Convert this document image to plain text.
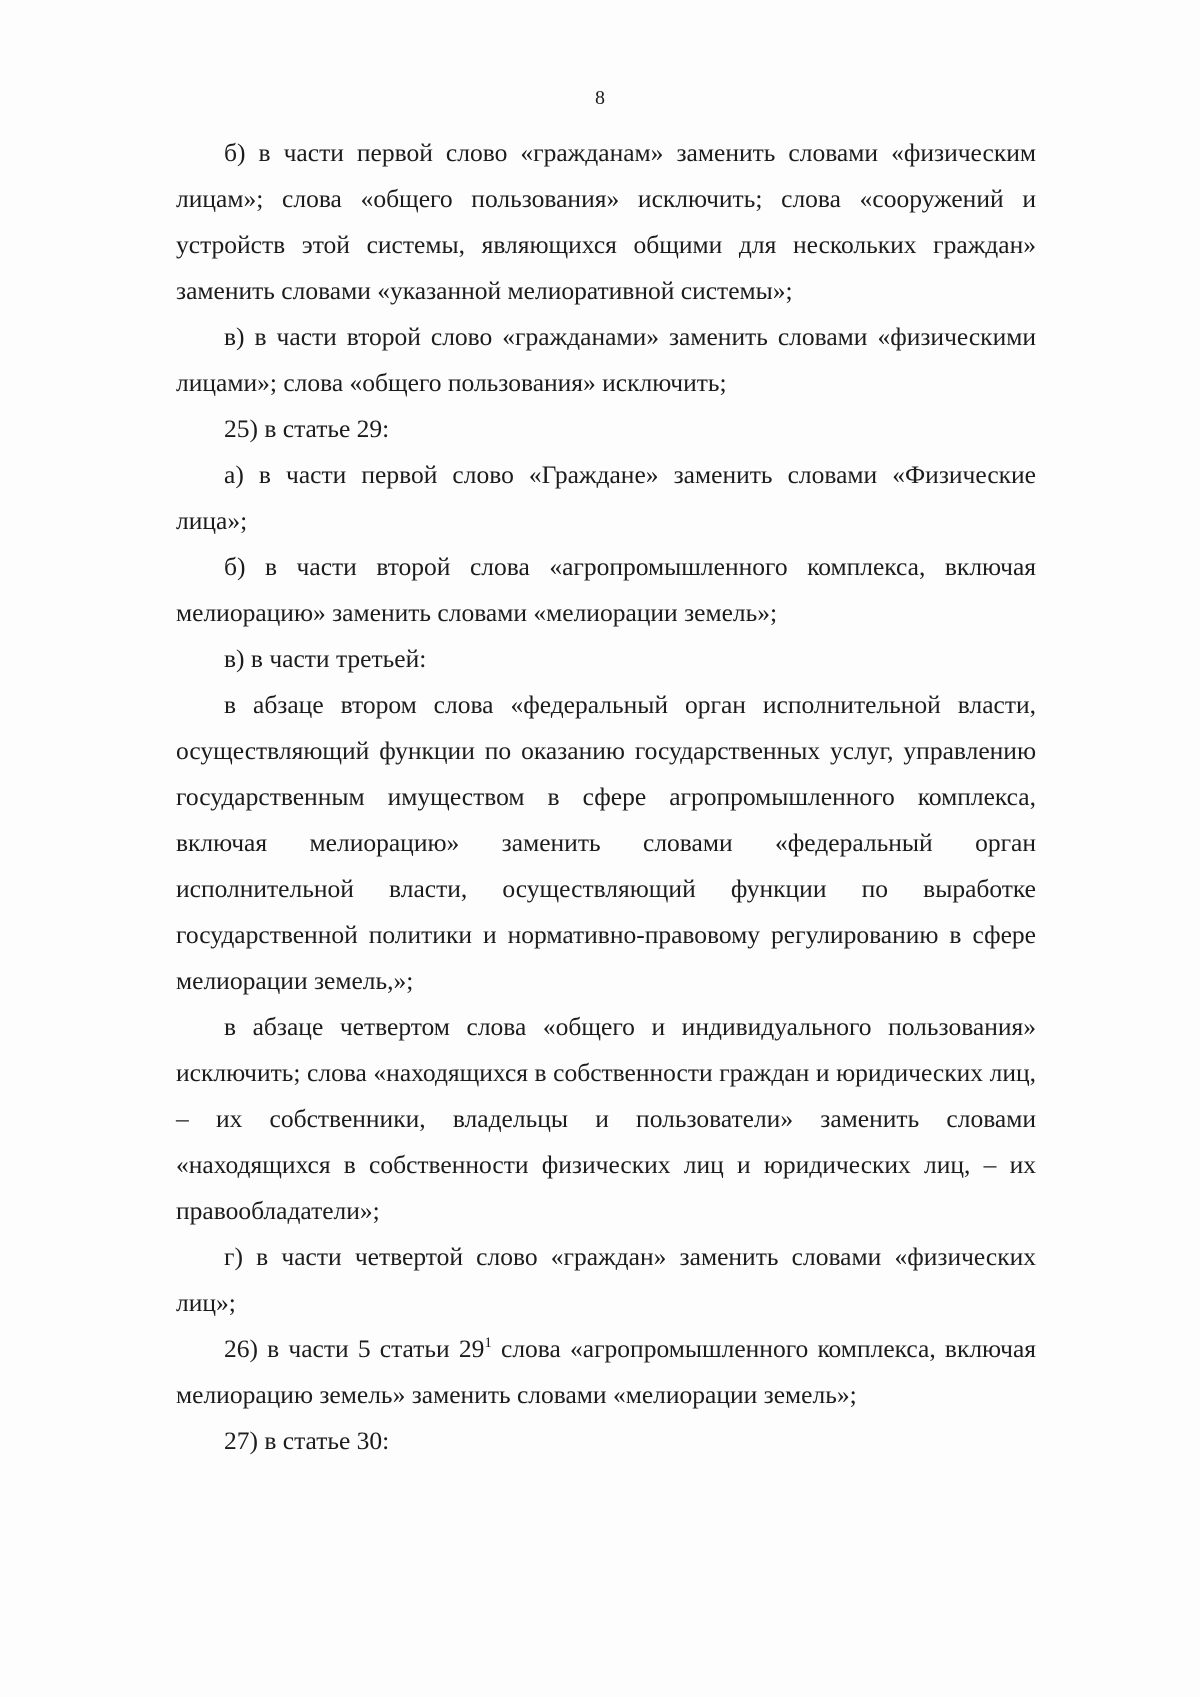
8

б) в части первой слово «гражданам» заменить словами «физическим лицам»; слова «общего пользования» исключить; слова «сооружений и устройств этой системы, являющихся общими для нескольких граждан» заменить словами «указанной мелиоративной системы»;

в) в части второй слово «гражданами» заменить словами «физическими лицами»; слова «общего пользования» исключить;

25) в статье 29:

а) в части первой слово «Граждане» заменить словами «Физические лица»;

б) в части второй слова «агропромышленного комплекса, включая мелиорацию» заменить словами «мелиорации земель»;

в) в части третьей:

в абзаце втором слова «федеральный орган исполнительной власти, осуществляющий функции по оказанию государственных услуг, управлению государственным имуществом в сфере агропромышленного комплекса, включая мелиорацию» заменить словами «федеральный орган исполнительной власти, осуществляющий функции по выработке государственной политики и нормативно-правовому регулированию в сфере мелиорации земель,»;

в абзаце четвертом слова «общего и индивидуального пользования» исключить; слова «находящихся в собственности граждан и юридических лиц, – их собственники, владельцы и пользователи» заменить словами «находящихся в собственности физических лиц и юридических лиц, – их правообладатели»;

г) в части четвертой слово «граждан» заменить словами «физических лиц»;

26) в части 5 статьи $29^1$ слова «агропромышленного комплекса, включая мелиорацию земель» заменить словами «мелиорации земель»;

27) в статье 30:
